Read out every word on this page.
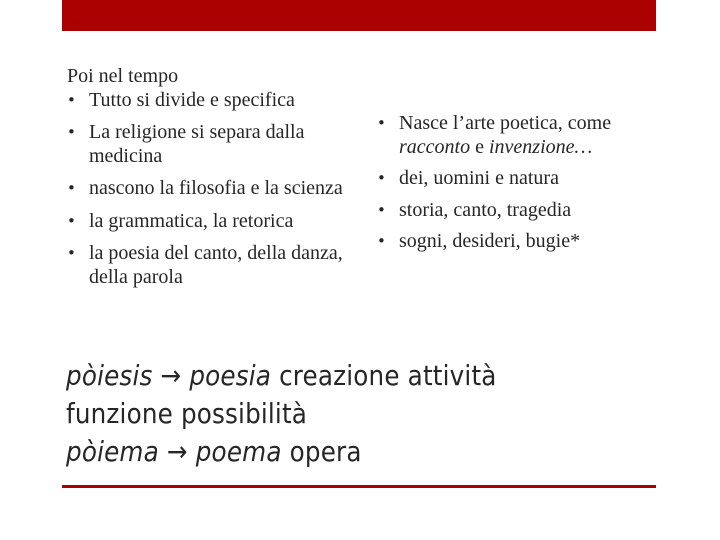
Poi nel tempo
• Tutto si divide e specifica
• La religione si separa dalla medicina
• nascono la filosofia e la scienza
• la grammatica, la retorica
• la poesia del canto, della danza, della parola
• Nasce l’arte poetica, come racconto e invenzione…
• dei, uomini e natura
• storia, canto, tragedia
• sogni, desideri, bugie*
pòiesis → poesia creazione attività funzione possibilità
pòiema → poema opera
